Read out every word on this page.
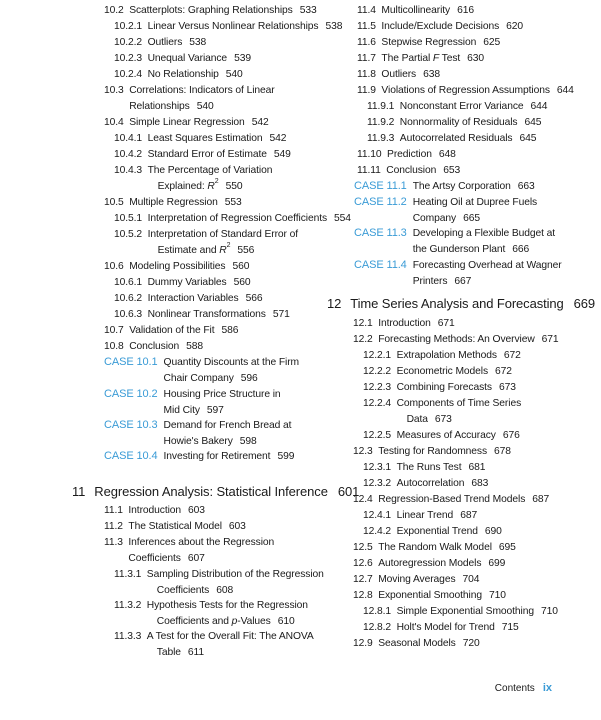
10.2 Scatterplots: Graphing Relationships 533
10.2.1 Linear Versus Nonlinear Relationships 538
10.2.2 Outliers 538
10.2.3 Unequal Variance 539
10.2.4 No Relationship 540
10.3 Correlations: Indicators of Linear
Relationships 540
10.4 Simple Linear Regression 542
10.4.1 Least Squares Estimation 542
10.4.2 Standard Error of Estimate 549
10.4.3 The Percentage of Variation
Explained: $R^2$ 550
10.5 Multiple Regression 553
10.5.1 Interpretation of Regression Coefficients 554
10.5.2 Interpretation of Standard Error of
Estimate and $R^2$ 556
10.6 Modeling Possibilities 560
10.6.1 Dummy Variables 560
10.6.2 Interaction Variables 566
10.6.3 Nonlinear Transformations 571
10.7 Validation of the Fit 586
10.8 Conclusion 588
CASE 10.1 Quantity Discounts at the Firm
Chair Company 596
CASE 10.2 Housing Price Structure in
Mid City 597
CASE 10.3 Demand for French Bread at
Howie's Bakery 598
CASE 10.4 Investing for Retirement 599
11 Regression Analysis: Statistical Inference 601
11.1 Introduction 603
11.2 The Statistical Model 603
11.3 Inferences about the Regression
Coefficients 607
11.3.1 Sampling Distribution of the Regression
Coefficients 608
11.3.2 Hypothesis Tests for the Regression
Coefficients and p-Values 610
11.3.3 A Test for the Overall Fit: The ANOVA
Table 611
11.4 Multicollinearity 616
11.5 Include/Exclude Decisions 620
11.6 Stepwise Regression 625
11.7 The Partial F Test 630
11.8 Outliers 638
11.9 Violations of Regression Assumptions 644
11.9.1 Nonconstant Error Variance 644
11.9.2 Nonnormality of Residuals 645
11.9.3 Autocorrelated Residuals 645
11.10 Prediction 648
11.11 Conclusion 653
CASE 11.1 The Artsy Corporation 663
CASE 11.2 Heating Oil at Dupree Fuels
Company 665
CASE 11.3 Developing a Flexible Budget at
the Gunderson Plant 666
CASE 11.4 Forecasting Overhead at Wagner
Printers 667
12 Time Series Analysis and Forecasting 669
12.1 Introduction 671
12.2 Forecasting Methods: An Overview 671
12.2.1 Extrapolation Methods 672
12.2.2 Econometric Models 672
12.2.3 Combining Forecasts 673
12.2.4 Components of Time Series
Data 673
12.2.5 Measures of Accuracy 676
12.3 Testing for Randomness 678
12.3.1 The Runs Test 681
12.3.2 Autocorrelation 683
12.4 Regression-Based Trend Models 687
12.4.1 Linear Trend 687
12.4.2 Exponential Trend 690
12.5 The Random Walk Model 695
12.6 Autoregression Models 699
12.7 Moving Averages 704
12.8 Exponential Smoothing 710
12.8.1 Simple Exponential Smoothing 710
12.8.2 Holt's Model for Trend 715
12.9 Seasonal Models 720
Contents ix
